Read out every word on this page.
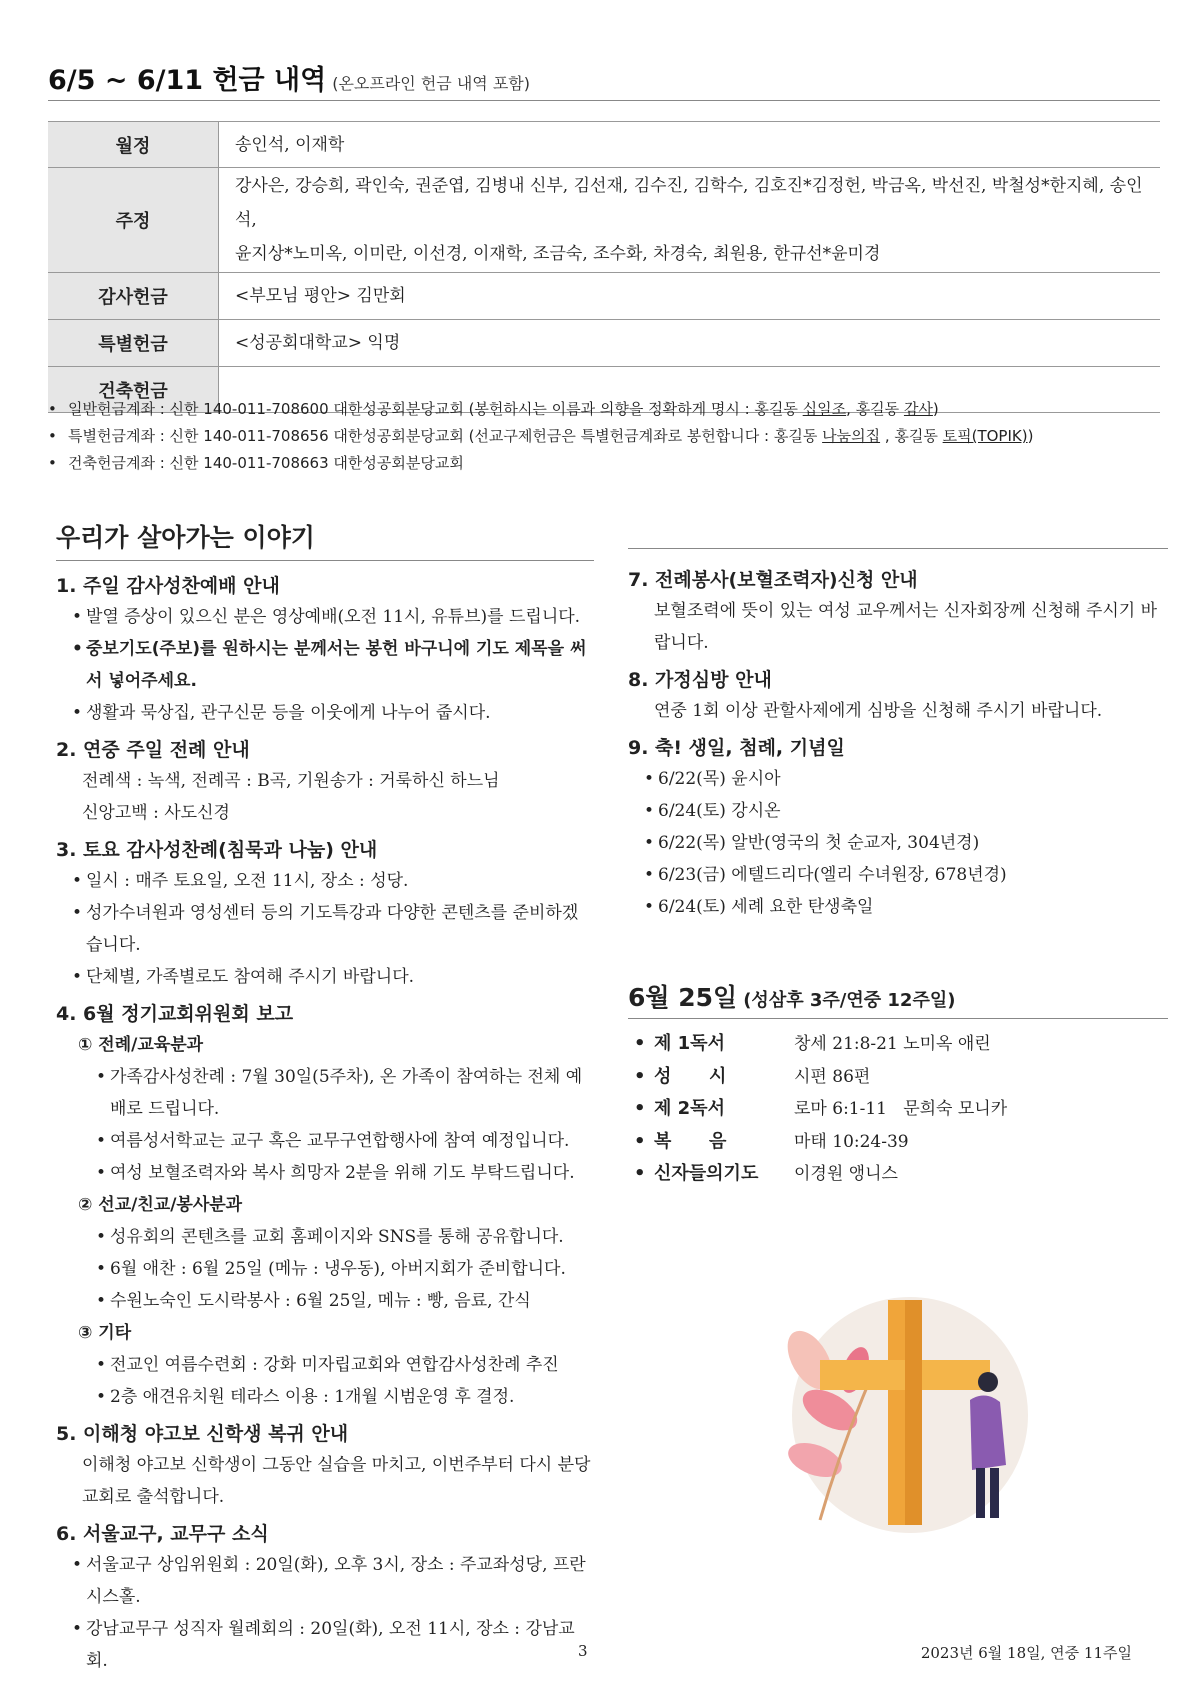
6/5 ~ 6/11 헌금 내역 (온오프라인 헌금 내역 포함)
월정	송인석, 이재학
주정	강사은, 강승희, 곽인숙, 권준엽, 김병내 신부, 김선재, 김수진, 김학수, 김호진*김정헌, 박금옥, 박선진, 박철성*한지혜, 송인석,
윤지상*노미옥, 이미란, 이선경, 이재학, 조금숙, 조수화, 차경숙, 최원용, 한규선*윤미경

감사헌금	<부모님 평안> 김만회
특별헌금	<성공회대학교> 익명
건축헌금	
• 일반헌금계좌 : 신한 140-011-708600 대한성공회분당교회 (봉헌하시는 이름과 의향을 정확하게 명시 : 홍길동 십일조, 홍길동 감사)
• 특별헌금계좌 : 신한 140-011-708656 대한성공회분당교회 (선교구제헌금은 특별헌금계좌로 봉헌합니다 : 홍길동 나눔의집 , 홍길동 토픽(TOPIK))
• 건축헌금계좌 : 신한 140-011-708663 대한성공회분당교회
우리가 살아가는 이야기
1. 주일 감사성찬예배 안내
• 발열 증상이 있으신 분은 영상예배(오전 11시, 유튜브)를 드립니다.
• 중보기도(주보)를 원하시는 분께서는 봉헌 바구니에 기도 제목을 써서 넣어주세요.
• 생활과 묵상집, 관구신문 등을 이웃에게 나누어 줍시다.
2. 연중 주일 전례 안내
전례색 : 녹색, 전례곡 : B곡, 기원송가 : 거룩하신 하느님
신앙고백 : 사도신경
3. 토요 감사성찬례(침묵과 나눔) 안내
• 일시 : 매주 토요일, 오전 11시, 장소 : 성당.
• 성가수녀원과 영성센터 등의 기도특강과 다양한 콘텐츠를 준비하겠습니다.
• 단체별, 가족별로도 참여해 주시기 바랍니다.
4. 6월 정기교회위원회 보고
① 전례/교육분과
• 가족감사성찬례 : 7월 30일(5주차), 온 가족이 참여하는 전체 예배로 드립니다.
• 여름성서학교는 교구 혹은 교무구연합행사에 참여 예정입니다.
• 여성 보혈조력자와 복사 희망자 2분을 위해 기도 부탁드립니다.
② 선교/친교/봉사분과
• 성유회의 콘텐츠를 교회 홈페이지와 SNS를 통해 공유합니다.
• 6월 애찬 : 6월 25일 (메뉴 : 냉우동), 아버지회가 준비합니다.
• 수원노숙인 도시락봉사 : 6월 25일, 메뉴 : 빵, 음료, 간식
③ 기타
• 전교인 여름수련회 : 강화 미자립교회와 연합감사성찬례 추진
• 2층 애견유치원 테라스 이용 : 1개월 시범운영 후 결정.
5. 이해청 야고보 신학생 복귀 안내
이해청 야고보 신학생이 그동안 실습을 마치고, 이번주부터 다시 분당교회로 출석합니다.
6. 서울교구, 교무구 소식
• 서울교구 상임위원회 : 20일(화), 오후 3시, 장소 : 주교좌성당, 프란시스홀.
• 강남교무구 성직자 월례회의 : 20일(화), 오전 11시, 장소 : 강남교회.
7. 전례봉사(보혈조력자)신청 안내
보혈조력에 뜻이 있는 여성 교우께서는 신자회장께 신청해 주시기 바랍니다.
8. 가정심방 안내
연중 1회 이상 관할사제에게 심방을 신청해 주시기 바랍니다.
9. 축! 생일, 첨례, 기념일
• 6/22(목) 윤시아
• 6/24(토) 강시온
• 6/22(목) 알반(영국의 첫 순교자, 304년경)
• 6/23(금) 에텔드리다(엘리 수녀원장, 678년경)
• 6/24(토) 세례 요한 탄생축일
6월 25일 (성삼후 3주/연중 12주일)
• 제 1독서	창세 21:8-21 노미옥 애린
• 성      시	시편 86편
• 제 2독서	로마 6:1-11   문희숙 모니카
• 복      음	마태 10:24-39
• 신자들의기도 이경원 앵니스
3	2023년 6월 18일, 연중 11주일
